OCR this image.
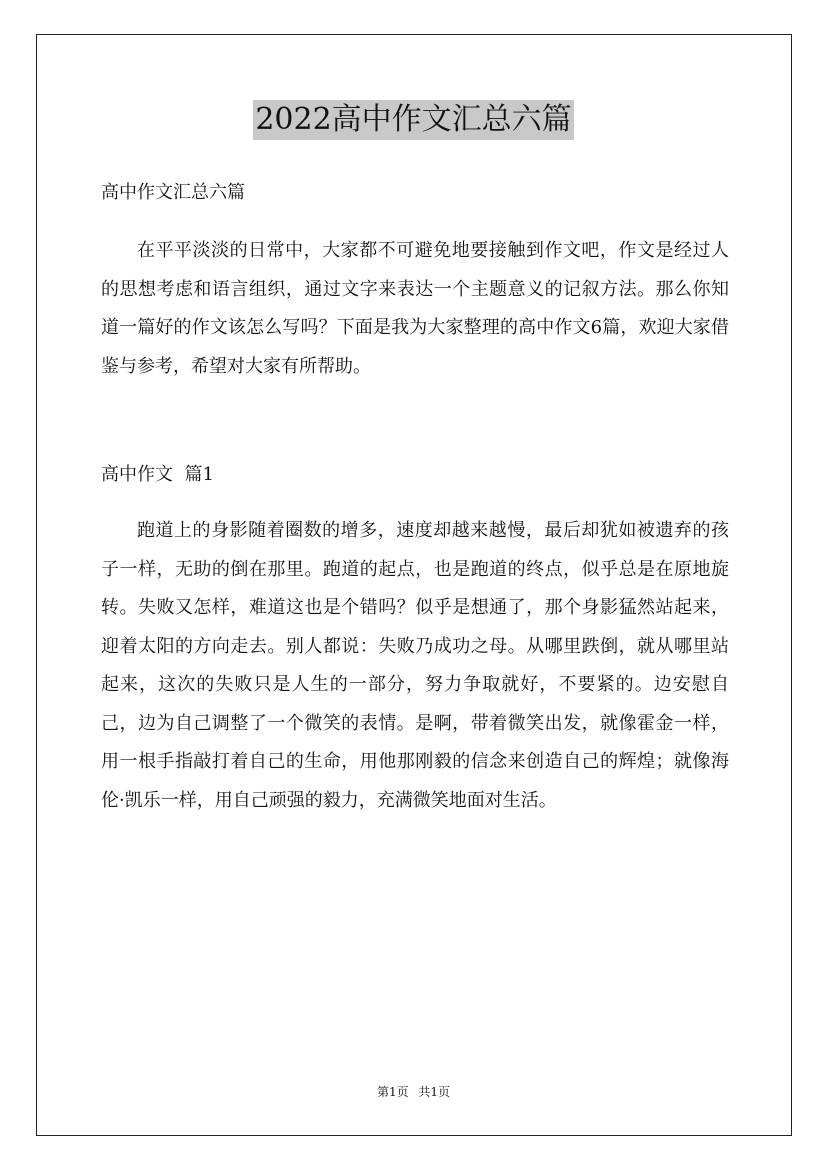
2022高中作文汇总六篇
高中作文汇总六篇

在平平淡淡的日常中，大家都不可避免地要接触到作文吧，作文是经过人的思想考虑和语言组织，通过文字来表达一个主题意义的记叙方法。那么你知道一篇好的作文该怎么写吗？下面是我为大家整理的高中作文6篇，欢迎大家借鉴与参考，希望对大家有所帮助。

高中作文  篇1

跑道上的身影随着圈数的增多，速度却越来越慢，最后却犹如被遗弃的孩子一样，无助的倒在那里。跑道的起点，也是跑道的终点，似乎总是在原地旋转。失败又怎样，难道这也是个错吗？似乎是想通了，那个身影猛然站起来，迎着太阳的方向走去。别人都说：失败乃成功之母。从哪里跌倒，就从哪里站起来，这次的失败只是人生的一部分，努力争取就好，不要紧的。边安慰自己，边为自己调整了一个微笑的表情。是啊，带着微笑出发，就像霍金一样，用一根手指敲打着自己的生命，用他那刚毅的信念来创造自己的辉煌；就像海伦·凯乐一样，用自己顽强的毅力，充满微笑地面对生活。

第1页 共1页
